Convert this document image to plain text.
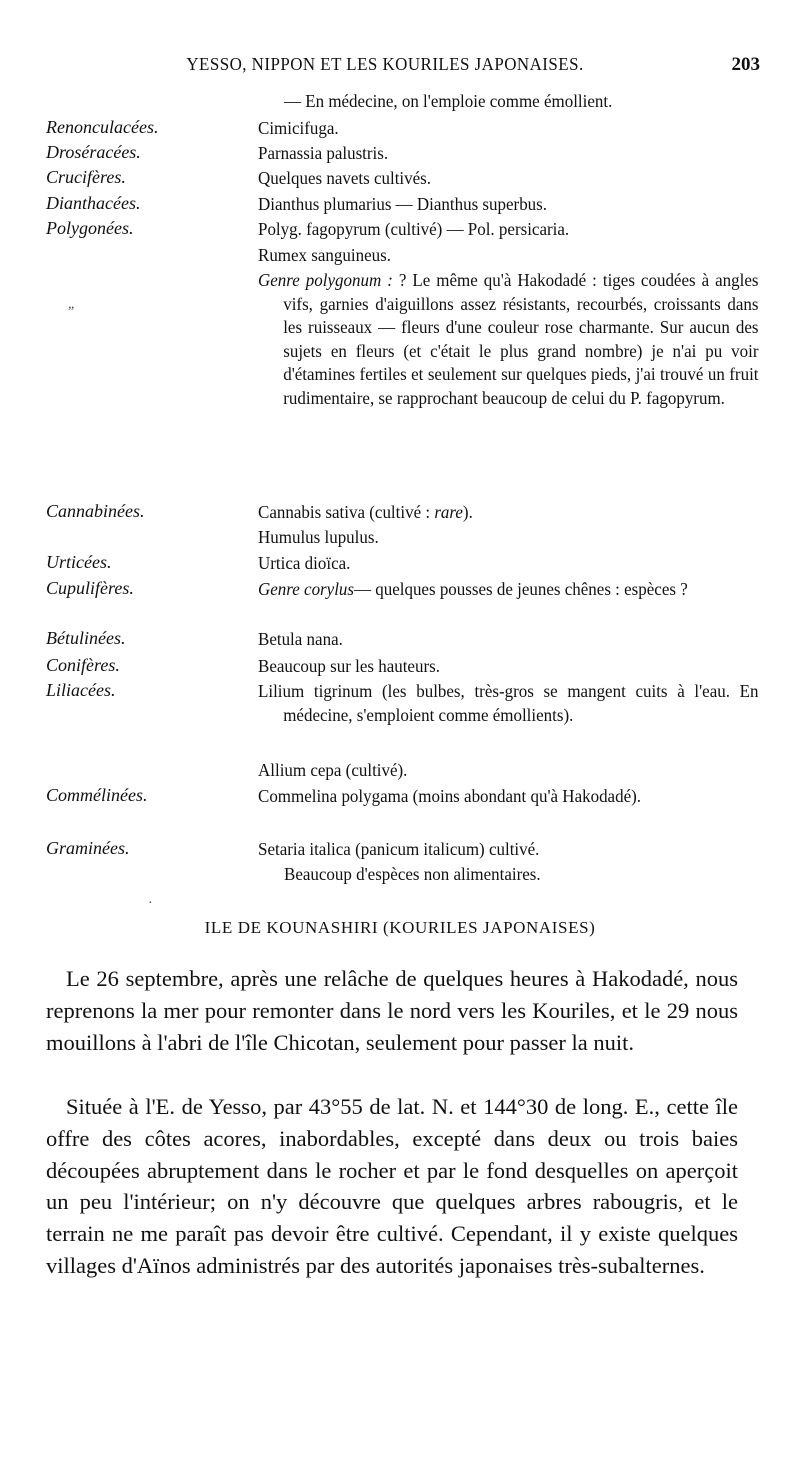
YESSO, NIPPON ET LES KOURILES JAPONAISES.	203
— En médecine, on l'emploie comme émollient.
Renonculacées.
Droséracées.
Crucifères.
Dianthacées.
Polygonées.
Cannabinées.
Urticées.
Cupulifères.
Bétulinées.
Conifères.
Liliacées.
Commélinées.
Graminées.
Cimicifuga.
Parnassia palustris.
Quelques navets cultivés.
Dianthus plumarius — Dianthus superbus.
Polyg. fagopyrum (cultivé) — Pol. persicaria.
Rumex sanguineus.
Genre polygonum : ? Le même qu'à Hakodadé : tiges coudées à angles vifs, garnies d'aiguillons assez résistants, recourbés, croissants dans les ruisseaux — fleurs d'une couleur rose charmante. Sur aucun des sujets en fleurs (et c'était le plus grand nombre) je n'ai pu voir d'étamines fertiles et seulement sur quelques pieds, j'ai trouvé un fruit rudimentaire, se rapprochant beaucoup de celui du P. fagopyrum.
Cannabis sativa (cultivé : rare).
Humulus lupulus.
Urtica dioïca.
Genre corylus— quelques pousses de jeunes chênes : espèces ?
Betula nana.
Beaucoup sur les hauteurs.
Lilium tigrinum (les bulbes, très-gros se mangent cuits à l'eau. En médecine, s'emploient comme émollients).
Allium cepa (cultivé).
Commelina polygama (moins abondant qu'à Hakodadé).
Setaria italica (panicum italicum) cultivé.
Beaucoup d'espèces non alimentaires.
„
·
ILE DE KOUNASHIRI (KOURILES JAPONAISES)
Le 26 septembre, après une relâche de quelques heures à Hakodadé, nous reprenons la mer pour remonter dans le nord vers les Kouriles, et le 29 nous mouillons à l'abri de l'île Chicotan, seulement pour passer la nuit.
Située à l'E. de Yesso, par 43°55 de lat. N. et 144°30 de long. E., cette île offre des côtes acores, inabordables, excepté dans deux ou trois baies découpées abruptement dans le rocher et par le fond desquelles on aperçoit un peu l'intérieur; on n'y découvre que quelques arbres rabougris, et le terrain ne me paraît pas devoir être cultivé. Cependant, il y existe quelques villages d'Aïnos administrés par des autorités japonaises très-subalternes.
